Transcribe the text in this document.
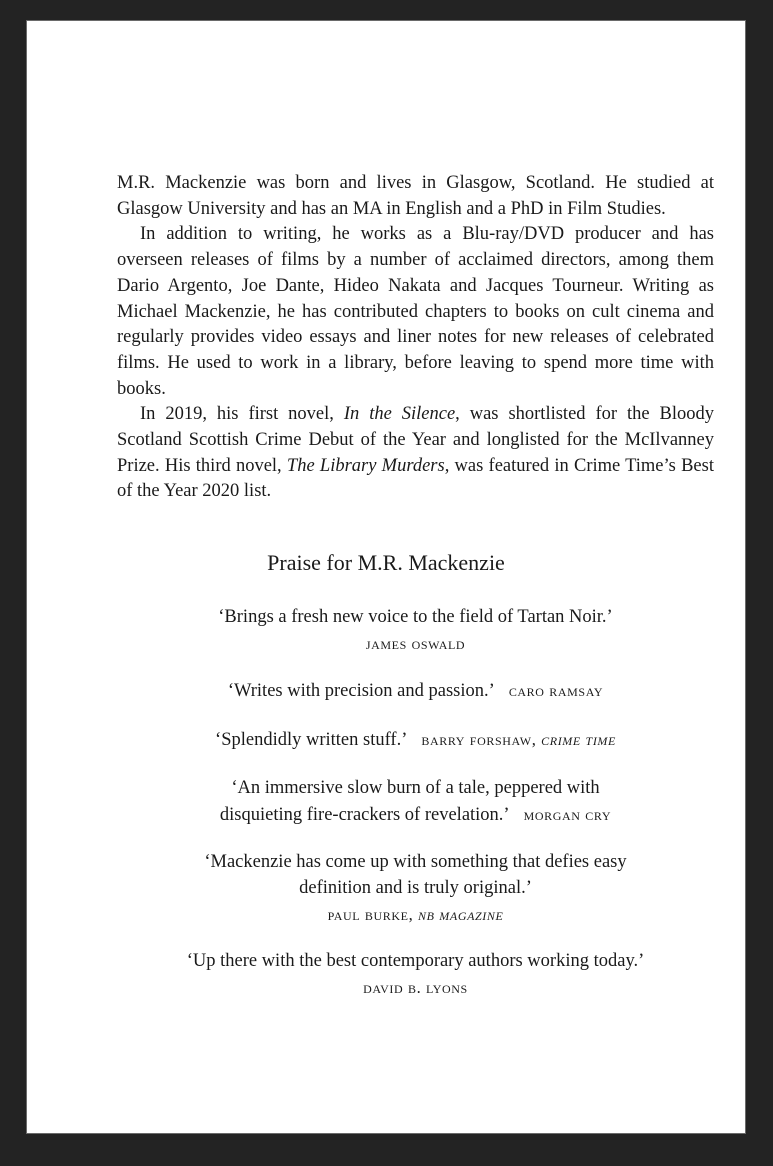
M.R. Mackenzie was born and lives in Glasgow, Scotland. He studied at Glasgow University and has an MA in English and a PhD in Film Studies.

In addition to writing, he works as a Blu-ray/DVD producer and has overseen releases of films by a number of acclaimed directors, among them Dario Argento, Joe Dante, Hideo Nakata and Jacques Tourneur. Writing as Michael Mackenzie, he has contributed chapters to books on cult cinema and regularly provides video essays and liner notes for new releases of celebrated films. He used to work in a library, before leaving to spend more time with books.

In 2019, his first novel, In the Silence, was shortlisted for the Bloody Scotland Scottish Crime Debut of the Year and longlisted for the McIlvanney Prize. His third novel, The Library Murders, was featured in Crime Time’s Best of the Year 2020 list.

Praise for M.R. Mackenzie
‘Brings a fresh new voice to the field of Tartan Noir.’
james oswald
‘Writes with precision and passion.’ caro ramsay
‘Splendidly written stuff.’ barry forshaw, crime time
‘An immersive slow burn of a tale, peppered with
disquieting fire-crackers of revelation.’ morgan cry
‘Mackenzie has come up with something that defies easy
definition and is truly original.’
paul burke, nb magazine
‘Up there with the best contemporary authors working today.’
david b. lyons
